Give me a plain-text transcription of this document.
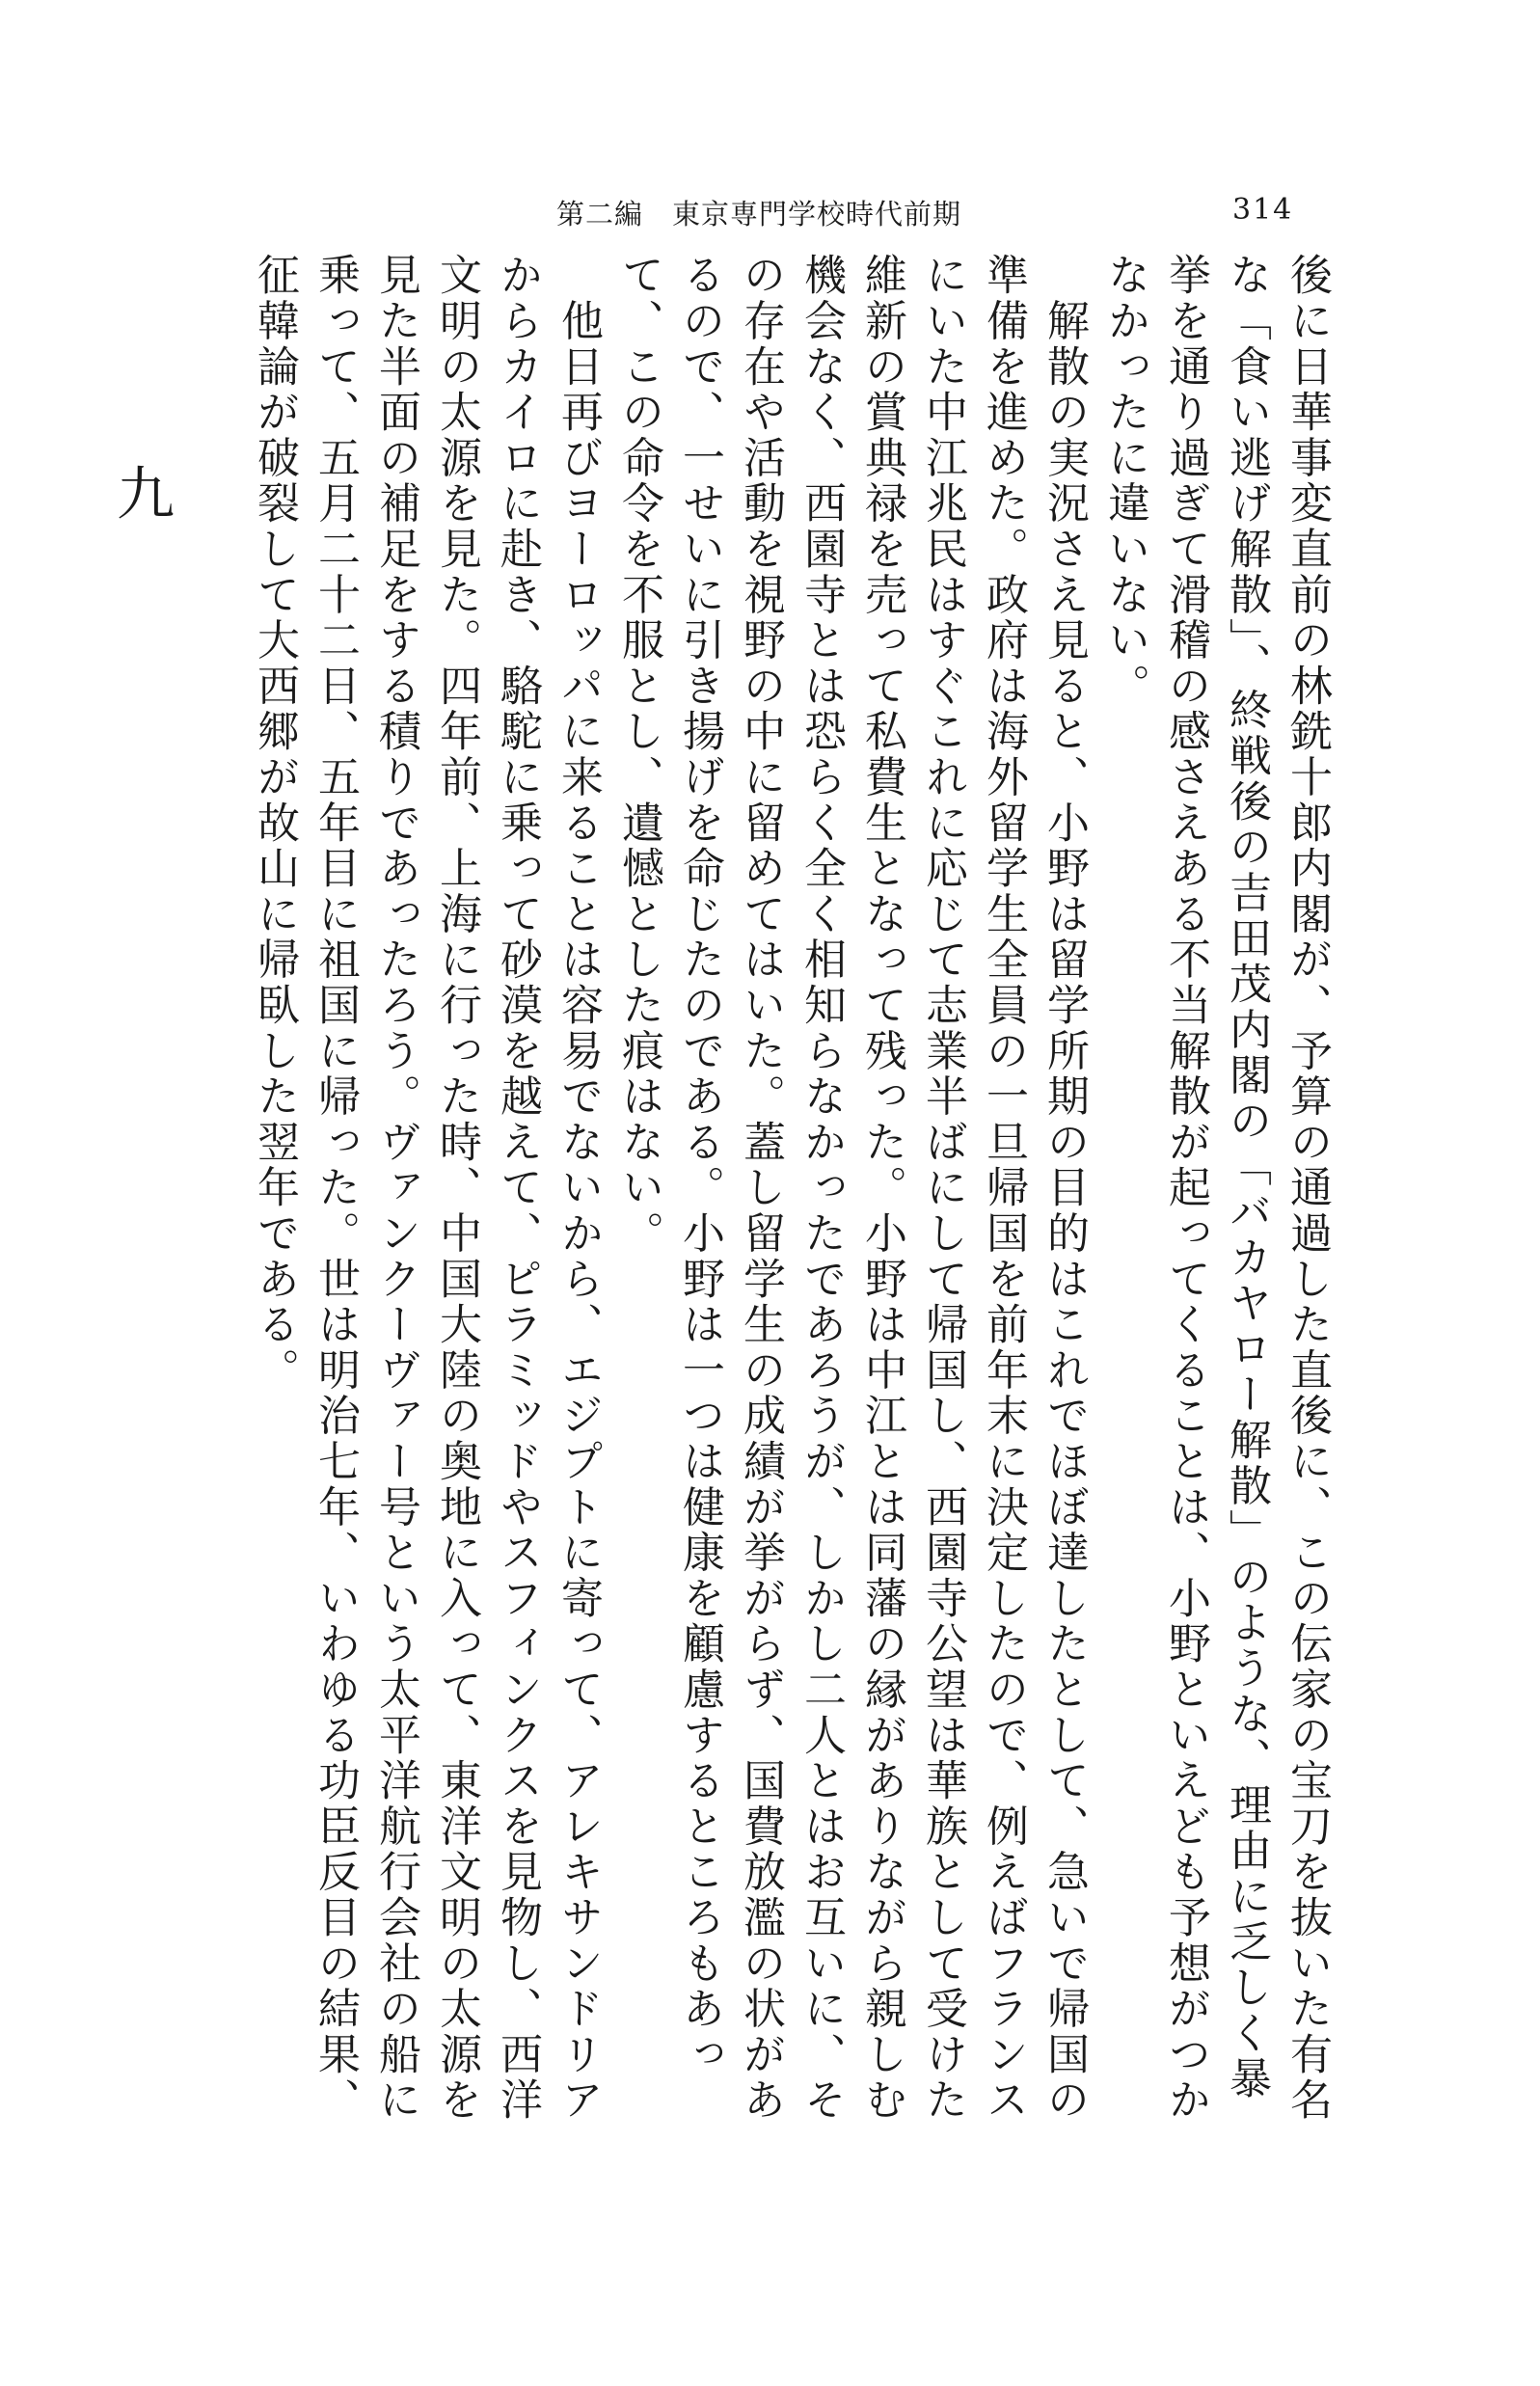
第二編　東京専門学校時代前期	314

後に日華事変直前の林銑十郎内閣が、予算の通過した直後に、この伝家の宝刀を抜いた有名な「食い逃げ解散」、終戦後の吉田茂内閣の「バカヤロー解散」のような、理由に乏しく暴挙を通り過ぎて滑稽の感さえある不当解散が起ってくることは、小野といえども予想がつかなかったに違いない。

　解散の実況さえ見ると、小野は留学所期の目的はこれでほぼ達したとして、急いで帰国の準備を進めた。政府は海外留学生全員の一旦帰国を前年末に決定したので、例えばフランスにいた中江兆民はすぐこれに応じて志業半ばにして帰国し、西園寺公望は華族として受けた維新の賞典禄を売って私費生となって残った。小野は中江とは同藩の縁がありながら親しむ機会なく、西園寺とは恐らく全く相知らなかったであろうが、しかし二人とはお互いに、その存在や活動を視野の中に留めてはいた。蓋し留学生の成績が挙がらず、国費放濫の状があるので、一せいに引き揚げを命じたのである。小野は一つは健康を顧慮するところもあって、この命令を不服とし、遺憾とした痕はない。

　他日再びヨーロッパに来ることは容易でないから、エジプトに寄って、アレキサンドリアからカイロに赴き、駱駝に乗って砂漠を越えて、ピラミッドやスフィンクスを見物し、西洋文明の太源を見た。四年前、上海に行った時、中国大陸の奥地に入って、東洋文明の太源を見た半面の補足をする積りであったろう。ヴァンクーヴァー号という太平洋航行会社の船に乗って、五月二十二日、五年目に祖国に帰った。世は明治七年、いわゆる功臣反目の結果、征韓論が破裂して大西郷が故山に帰臥した翌年である。

九
